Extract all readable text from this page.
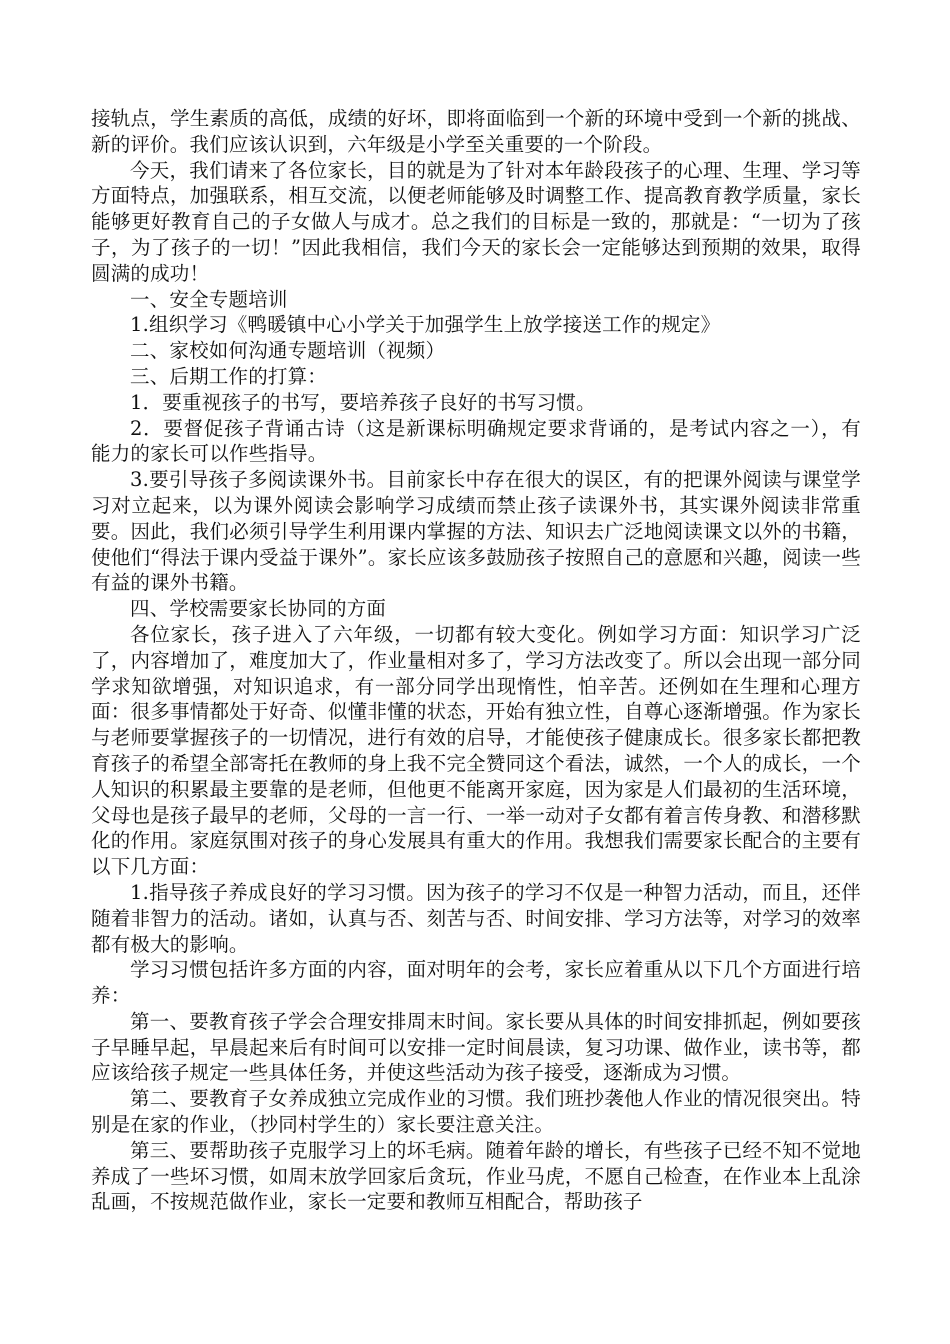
接轨点，学生素质的高低，成绩的好坏，即将面临到一个新的环境中受到一个新的挑战、新的评价。我们应该认识到，六年级是小学至关重要的一个阶段。

今天，我们请来了各位家长，目的就是为了针对本年龄段孩子的心理、生理、学习等方面特点，加强联系，相互交流，以便老师能够及时调整工作、提高教育教学质量，家长能够更好教育自己的子女做人与成才。总之我们的目标是一致的，那就是：“一切为了孩子，为了孩子的一切！”因此我相信，我们今天的家长会一定能够达到预期的效果，取得圆满的成功！

一、安全专题培训

1.组织学习《鸭暖镇中心小学关于加强学生上放学接送工作的规定》

二、家校如何沟通专题培训（视频）

三、后期工作的打算：

1．要重视孩子的书写，要培养孩子良好的书写习惯。

2．要督促孩子背诵古诗（这是新课标明确规定要求背诵的，是考试内容之一），有能力的家长可以作些指导。

3.要引导孩子多阅读课外书。目前家长中存在很大的误区，有的把课外阅读与课堂学习对立起来，以为课外阅读会影响学习成绩而禁止孩子读课外书，其实课外阅读非常重要。因此，我们必须引导学生利用课内掌握的方法、知识去广泛地阅读课文以外的书籍，使他们“得法于课内受益于课外”。家长应该多鼓励孩子按照自己的意愿和兴趣，阅读一些有益的课外书籍。

四、学校需要家长协同的方面

各位家长，孩子进入了六年级，一切都有较大变化。例如学习方面：知识学习广泛了，内容增加了，难度加大了，作业量相对多了，学习方法改变了。所以会出现一部分同学求知欲增强，对知识追求，有一部分同学出现惰性，怕辛苦。还例如在生理和心理方面：很多事情都处于好奇、似懂非懂的状态，开始有独立性，自尊心逐渐增强。作为家长与老师要掌握孩子的一切情况，进行有效的启导，才能使孩子健康成长。很多家长都把教育孩子的希望全部寄托在教师的身上我不完全赞同这个看法，诚然，一个人的成长，一个人知识的积累最主要靠的是老师，但他更不能离开家庭，因为家是人们最初的生活环境，父母也是孩子最早的老师，父母的一言一行、一举一动对子女都有着言传身教、和潜移默化的作用。家庭氛围对孩子的身心发展具有重大的作用。我想我们需要家长配合的主要有以下几方面：

1.指导孩子养成良好的学习习惯。因为孩子的学习不仅是一种智力活动，而且，还伴随着非智力的活动。诸如，认真与否、刻苦与否、时间安排、学习方法等，对学习的效率都有极大的影响。

学习习惯包括许多方面的内容，面对明年的会考，家长应着重从以下几个方面进行培养：

第一、要教育孩子学会合理安排周末时间。家长要从具体的时间安排抓起，例如要孩子早睡早起，早晨起来后有时间可以安排一定时间晨读，复习功课、做作业，读书等，都应该给孩子规定一些具体任务，并使这些活动为孩子接受，逐渐成为习惯。

第二、要教育子女养成独立完成作业的习惯。我们班抄袭他人作业的情况很突出。特别是在家的作业，（抄同村学生的）家长要注意关注。

第三、要帮助孩子克服学习上的坏毛病。随着年龄的增长，有些孩子已经不知不觉地养成了一些坏习惯，如周末放学回家后贪玩，作业马虎，不愿自己检查，在作业本上乱涂乱画，不按规范做作业，家长一定要和教师互相配合，帮助孩子
